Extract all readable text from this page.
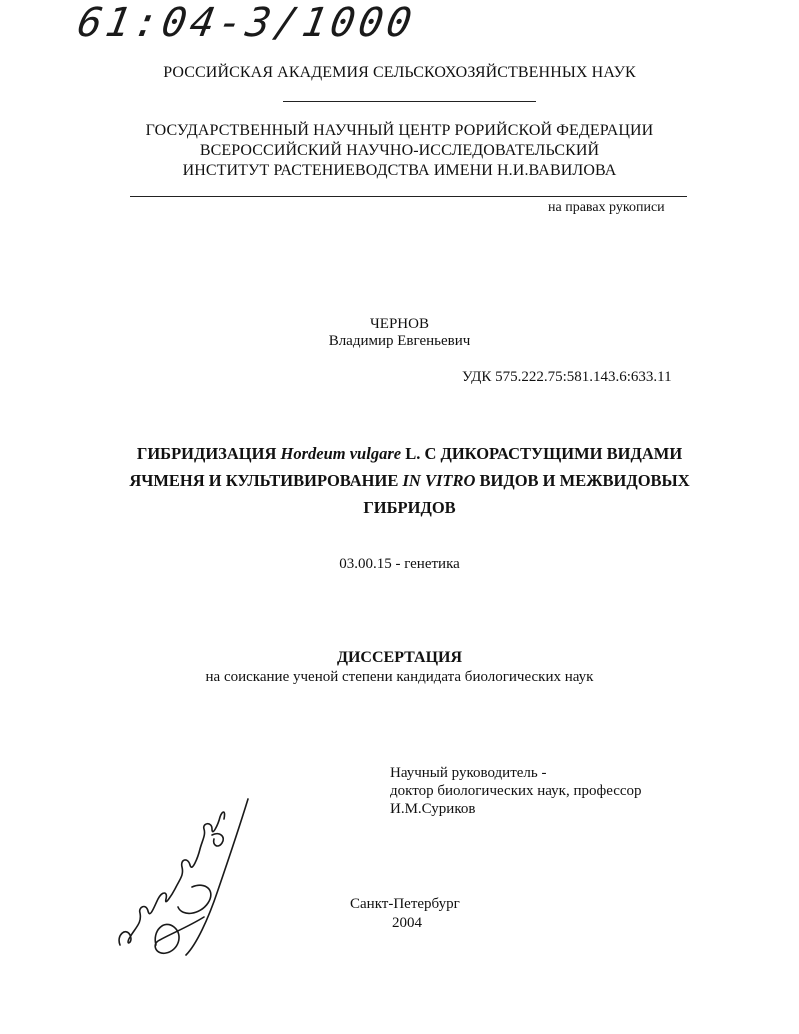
61:04-3/1000
РОССИЙСКАЯ АКАДЕМИЯ СЕЛЬСКОХОЗЯЙСТВЕННЫХ НАУК
ГОСУДАРСТВЕННЫЙ НАУЧНЫЙ ЦЕНТР РОРИЙСКОЙ ФЕДЕРАЦИИ
ВСЕРОССИЙСКИЙ НАУЧНО-ИССЛЕДОВАТЕЛЬСКИЙ
ИНСТИТУТ РАСТЕНИЕВОДСТВА ИМЕНИ Н.И.ВАВИЛОВА
на правах рукописи
ЧЕРНОВ
Владимир Евгеньевич
УДК 575.222.75:581.143.6:633.11
ГИБРИДИЗАЦИЯ Hordeum vulgare L. С ДИКОРАСТУЩИМИ ВИДАМИ
ЯЧМЕНЯ И КУЛЬТИВИРОВАНИЕ IN VITRO ВИДОВ И МЕЖВИДОВЫХ
ГИБРИДОВ
03.00.15 - генетика
ДИССЕРТАЦИЯ
на соискание ученой степени кандидата биологических наук
Научный руководитель -
доктор биологических наук, профессор
И.М.Суриков
Санкт-Петербург
2004
